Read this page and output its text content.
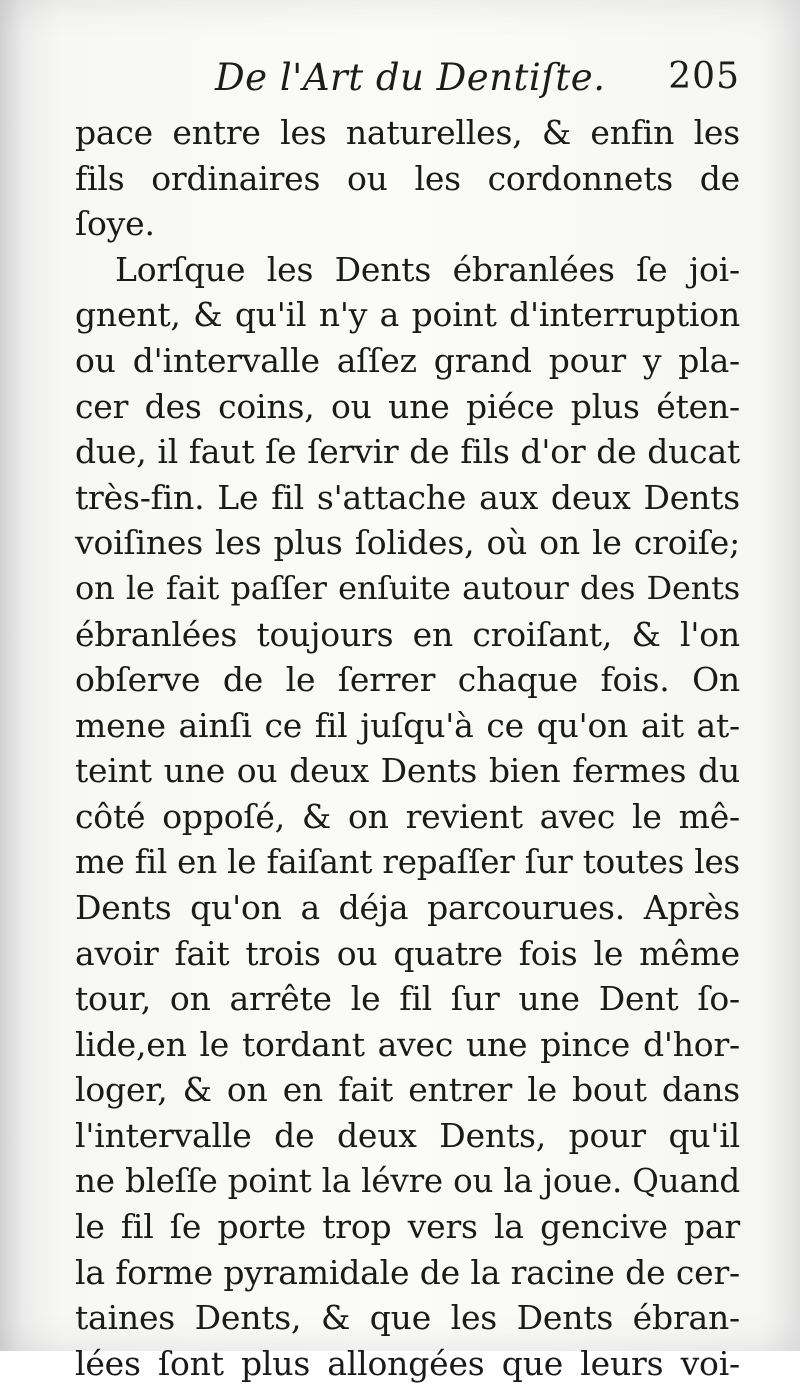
De l'Art du Dentiſte. 205
pace entre les naturelles, & enfin les
fils ordinaires ou les cordonnets de
ſoye.
Lorſque les Dents ébranlées ſe joi-
gnent, & qu'il n'y a point d'interruption
ou d'intervalle aſſez grand pour y pla-
cer des coins, ou une piéce plus éten-
due, il faut ſe ſervir de fils d'or de ducat
très-fin. Le fil s'attache aux deux Dents
voiſines les plus ſolides, où on le croiſe;
on le fait paſſer enſuite autour des Dents
ébranlées toujours en croiſant, & l'on
obſerve de le ſerrer chaque fois. On
mene ainſi ce fil juſqu'à ce qu'on ait at-
teint une ou deux Dents bien fermes du
côté oppoſé, & on revient avec le mê-
me fil en le faiſant repaſſer ſur toutes les
Dents qu'on a déja parcourues. Après
avoir fait trois ou quatre fois le même
tour, on arrête le fil ſur une Dent ſo-
lide,en le tordant avec une pince d'hor-
loger, & on en fait entrer le bout dans
l'intervalle de deux Dents, pour qu'il
ne bleſſe point la lévre ou la joue. Quand
le fil ſe porte trop vers la gencive par
la forme pyramidale de la racine de cer-
taines Dents, & que les Dents ébran-
lées ſont plus allongées que leurs voi-
